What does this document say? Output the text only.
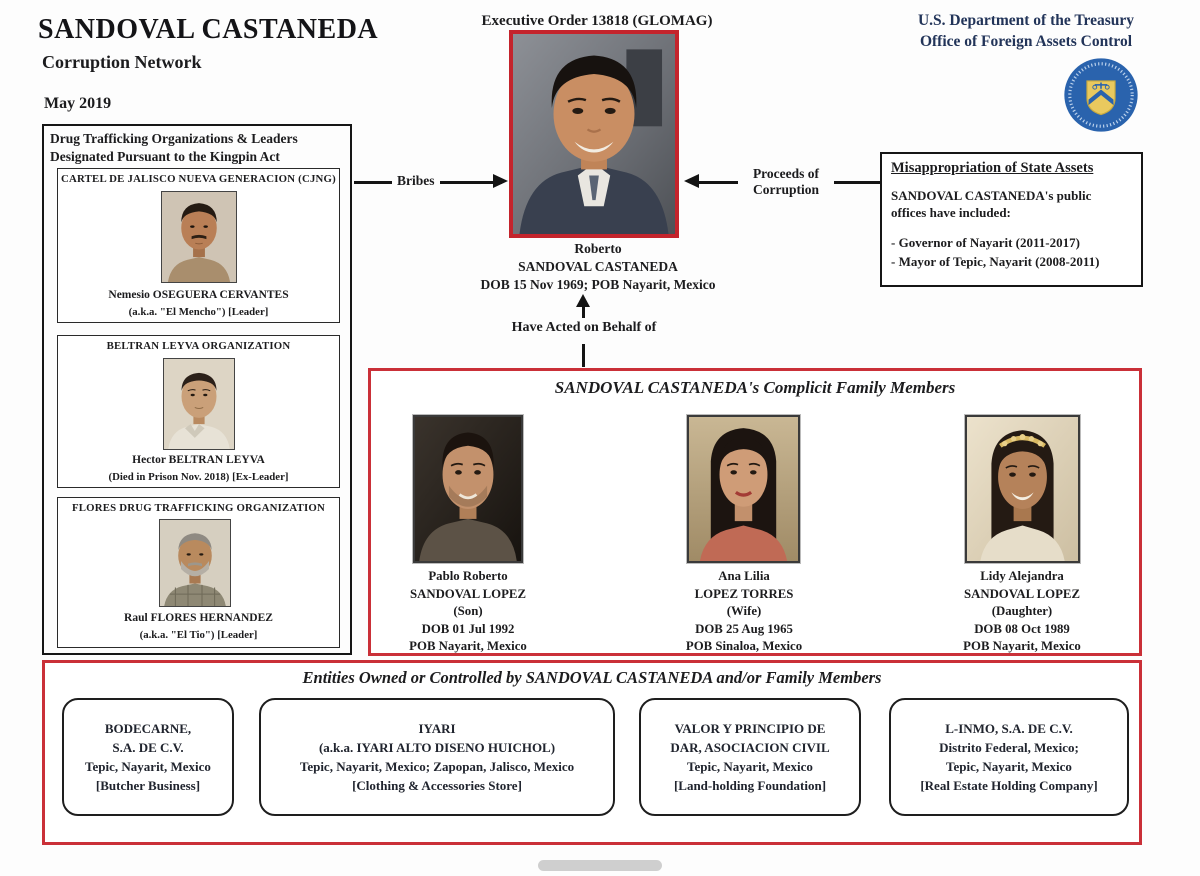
SANDOVAL CASTANEDA
Corruption Network
May 2019
U.S. Department of the Treasury
Office of Foreign Assets Control
Executive Order 13818 (GLOMAG)
Roberto
SANDOVAL CASTANEDA
DOB 15 Nov 1969; POB Nayarit, Mexico
Bribes	Proceeds of
Corruption
Misappropriation of State Assets
SANDOVAL CASTANEDA's public
offices have included:
- Governor of Nayarit (2011-2017)
- Mayor of Tepic, Nayarit (2008-2011)
Have Acted on Behalf of
Drug Trafficking Organizations & Leaders
Designated Pursuant to the Kingpin Act
CARTEL DE JALISCO NUEVA GENERACION (CJNG)
Nemesio OSEGUERA CERVANTES
(a.k.a. "El Mencho") [Leader]
BELTRAN LEYVA ORGANIZATION
Hector BELTRAN LEYVA
(Died in Prison Nov. 2018) [Ex-Leader]
FLORES DRUG TRAFFICKING ORGANIZATION
Raul FLORES HERNANDEZ
(a.k.a. "El Tio") [Leader]
SANDOVAL CASTANEDA's Complicit Family Members
Pablo Roberto
SANDOVAL LOPEZ
(Son)
DOB 01 Jul 1992
POB Nayarit, Mexico
Ana Lilia
LOPEZ TORRES
(Wife)
DOB 25 Aug 1965
POB Sinaloa, Mexico
Lidy Alejandra
SANDOVAL LOPEZ
(Daughter)
DOB 08 Oct 1989
POB Nayarit, Mexico
Entities Owned or Controlled by SANDOVAL CASTANEDA and/or Family Members
BODECARNE,
S.A. DE C.V.
Tepic, Nayarit, Mexico
[Butcher Business]
IYARI
(a.k.a. IYARI ALTO DISENO HUICHOL)
Tepic, Nayarit, Mexico; Zapopan, Jalisco, Mexico
[Clothing & Accessories Store]
VALOR Y PRINCIPIO DE
DAR, ASOCIACION CIVIL
Tepic, Nayarit, Mexico
[Land-holding Foundation]
L-INMO, S.A. DE C.V.
Distrito Federal, Mexico;
Tepic, Nayarit, Mexico
[Real Estate Holding Company]
